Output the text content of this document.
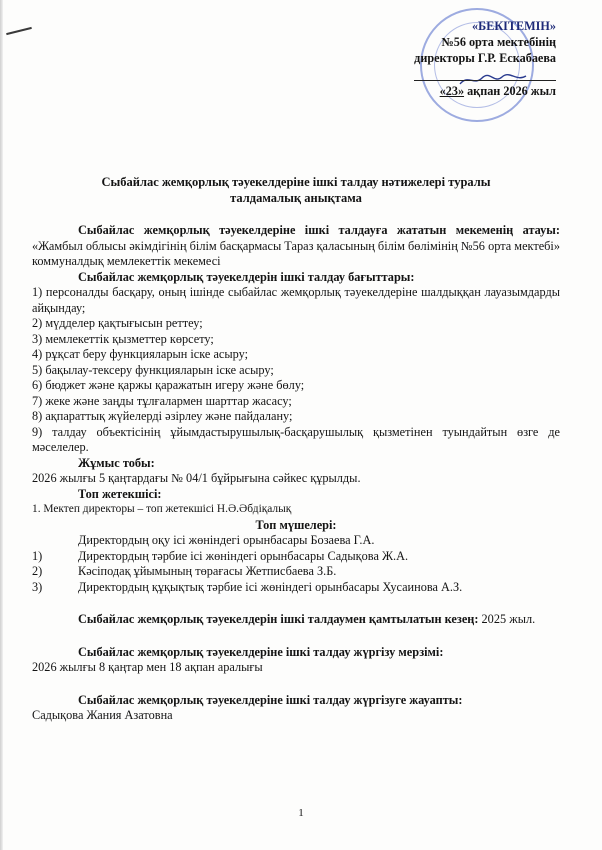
«БЕКІТЕМІН»
№56 орта мектебінің
директоры Г.Р. Ескабаева
«23» ақпан 2026 жыл
Сыбайлас жемқорлық тәуекелдеріне ішкі талдау нәтижелері туралы
талдамалық анықтама

Сыбайлас жемқорлық тәуекелдеріне ішкі талдауға жататын мекеменің атауы: «Жамбыл облысы әкімдігінің білім басқармасы Тараз қаласының білім бөлімінің №56 орта мектебі» коммуналдық мемлекеттік мекемесі

Сыбайлас жемқорлық тәуекелдерін ішкі талдау бағыттары:

1) персоналды басқару, оның ішінде сыбайлас жемқорлық тәуекелдеріне шалдыққан лауазымдарды айқындау;

2) мүдделер қақтығысын реттеу;

3) мемлекеттік қызметтер көрсету;

4) рұқсат беру функцияларын іске асыру;

5) бақылау-тексеру функцияларын іске асыру;

6) бюджет және қаржы қаражатын игеру және бөлу;

7) жеке және заңды тұлғалармен шарттар жасасу;

8) ақпараттық жүйелерді әзірлеу және пайдалану;

9) талдау объектісінің ұйымдастырушылық-басқарушылық қызметінен туындайтын өзге де мәселелер.

Жұмыс тобы:

2026 жылғы 5 қаңтардағы № 04/1 бұйрығына сәйкес құрылды.

Топ жетекшісі:

1. Мектеп директоры – топ жетекшісі Н.Ә.Әбдіқалық

Топ мүшелері:

Директордың оқу ісі жөніндегі орынбасары Бозаева Г.А.

1)	Директордың тәрбие ісі жөніндегі орынбасары Садықова Ж.А.
2)	Кәсіподақ ұйымының төрағасы Жетписбаева З.Б.
3)	Директордың құқықтық тәрбие ісі жөніндегі орынбасары Хусаинова А.З.

Сыбайлас жемқорлық тәуекелдерін ішкі талдаумен қамтылатын кезең: 2025 жыл.

Сыбайлас жемқорлық тәуекелдеріне ішкі талдау жүргізу мерзімі:

2026 жылғы 8 қаңтар мен 18 ақпан аралығы

Сыбайлас жемқорлық тәуекелдеріне ішкі талдау жүргізуге жауапты:

Садықова Жания Азатовна

1
